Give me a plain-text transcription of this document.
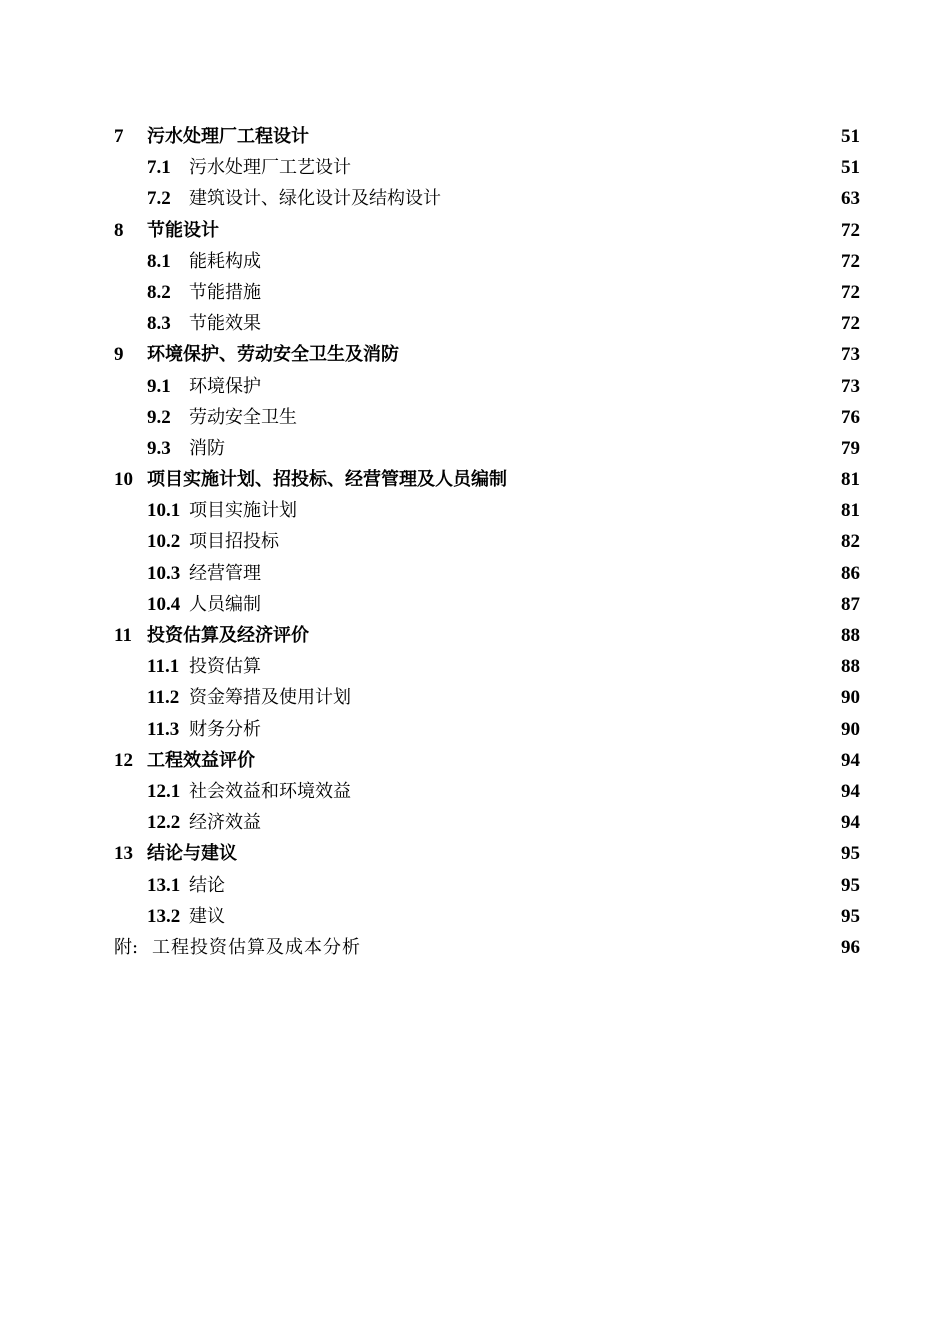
7	污水处理厂工程设计	51
7.1	污水处理厂工艺设计	51
7.2	建筑设计、绿化设计及结构设计	63
8	节能设计	72
8.1	能耗构成	72
8.2	节能措施	72
8.3	节能效果	72
9	环境保护、劳动安全卫生及消防	73
9.1	环境保护	73
9.2	劳动安全卫生	76
9.3	消防	79
10 项目实施计划、招投标、经营管理及人员编制	81
10.1 项目实施计划	81
10.2 项目招投标	82
10.3 经营管理	86
10.4 人员编制	87
11 投资估算及经济评价	88
11.1 投资估算	88
11.2 资金筹措及使用计划	90
11.3 财务分析	90
12 工程效益评价	94
12.1 社会效益和环境效益	94
12.2 经济效益	94
13 结论与建议	95
13.1 结论	95
13.2 建议	95
附: 工程投资估算及成本分析	96
